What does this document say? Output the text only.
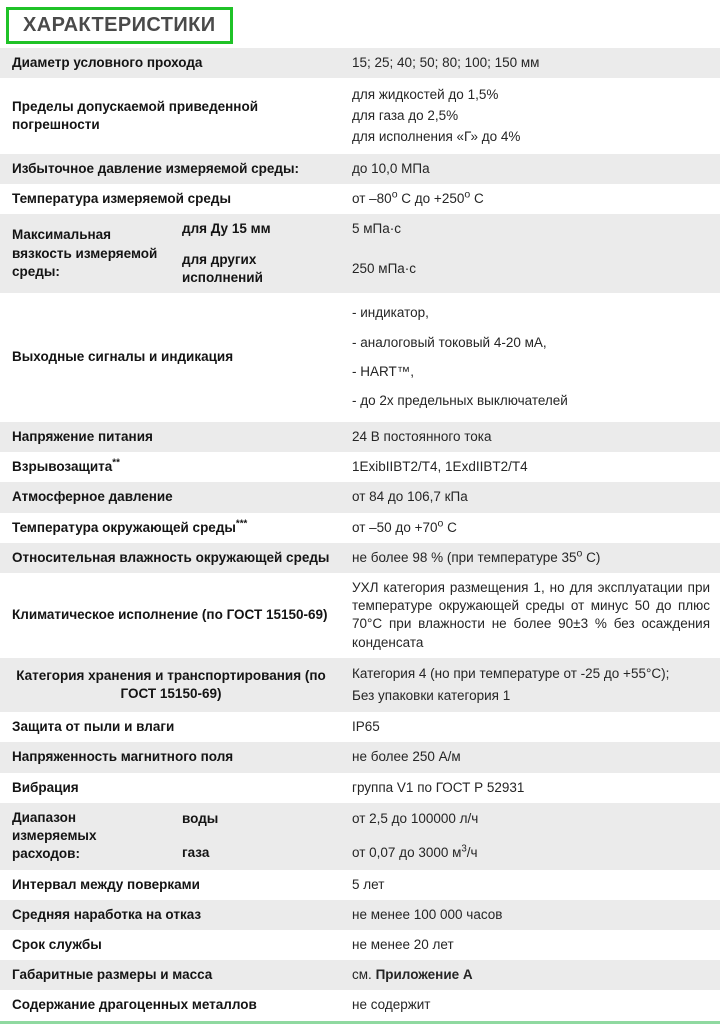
ХАРАКТЕРИСТИКИ
Диаметр условного прохода		15; 25; 40; 50; 80; 100; 150 мм
Пределы допускаемой приведенной погрешности		для жидкостей до 1,5%
для газа до 2,5%
для исполнения «Г» до 4%

Избыточное давление измеряемой среды:		до 10,0 МПа
Температура измеряемой среды		от $-80^о$ С до $+250^о$ С
Максимальная вязкость измеряемой среды:	для Ду 15 мм	5 мПа·с
	для других исполнений	250 мПа·с
Выходные сигналы и индикация		- индикатор,
- аналоговый токовый 4-20 мА,
- HART™,
- до 2х предельных выключателей

Напряжение питания		24 В постоянного тока
Взрывозащита**		1ExibIIBT2/T4, 1ExdIIBT2/T4
Атмосферное давление		от 84 до 106,7 кПа
Температура окружающей среды***		от –50 до $+70^о$ С
Относительная влажность окружающей среды		не более 98 % (при температуре $35^о$ С)
Климатическое исполнение (по ГОСТ 15150-69)		УХЛ категория размещения 1, но для эксплуатации при температуре окружающей среды от минус 50 до плюс 70°С при влажности не более 90±3 % без осаждения конденсата
Категория хранения и транспортирования (по ГОСТ 15150-69)		Категория 4 (но при температуре от -25 до +55°С);
Без упаковки категория 1

Защита от пыли и влаги		IP65
Напряженность магнитного поля		не более 250 А/м
Вибрация		группа V1 по ГОСТ Р 52931
Диапазон измеряемых расходов:	воды	от 2,5 до 100000 л/ч
	газа	от 0,07 до 3000 $м^3/ч$
Интервал между поверками		5 лет
Средняя наработка на отказ		не менее 100 000 часов
Срок службы		не менее 20 лет
Габаритные размеры и масса		см. Приложение А
Содержание драгоценных металлов		не содержит
